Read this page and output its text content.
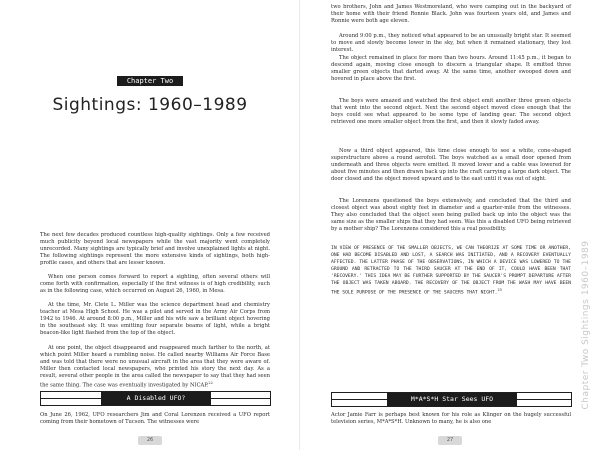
Chapter Two
Sightings: 1960–1989

The next few decades produced countless high-quality sightings. Only a few received much publicity beyond local newspapers while the vast majority went completely unrecorded. Many sightings are typically brief and involve unexplained lights at night. The following sightings represent the more extensive kinds of sightings, both high-profile cases, and others that are lesser known.

When one person comes forward to report a sighting, often several others will come forth with confirmation, especially if the first witness is of high credibility, such as in the following case, which occurred on August 26, 1960, in Mesa.

At the time, Mr. Clete L. Miller was the science department head and chemistry teacher at Mesa High School. He was a pilot and served in the Army Air Corps from 1942 to 1946. At around 8:00 p.m., Miller and his wife saw a brilliant object hovering in the southeast sky. It was emitting four separate beams of light, while a bright beacon-like light flashed from the top of the object.

At one point, the object disappeared and reappeared much farther to the north, at which point Miller heard a rumbling noise. He called nearby Williams Air Force Base and was told that there were no unusual aircraft in the area that they were aware of. Miller then contacted local newspapers, who printed his story the next day. As a result, several other people in the area called the newspaper to say that they had seen the same thing. The case was eventually investigated by NICAP.$^{22}$

A Disabled UFO?

On June 26, 1962, UFO researchers Jim and Coral Lorenzen received a UFO report coming from their hometown of Tucson. The witnesses were

26

two brothers, John and James Westmoreland, who were camping out in the backyard of their home with their friend Ronnie Black. John was fourteen years old, and James and Ronnie were both age eleven.

Around 9:00 p.m., they noticed what appeared to be an unusually bright star. It seemed to move and slowly become lower in the sky, but when it remained stationary, they lost interest.

The object remained in place for more than two hours. Around 11:45 p.m., it began to descend again, moving close enough to discern a triangular shape. It emitted three smaller green objects that darted away. At the same time, another swooped down and hovered in place above the first.

The boys were amazed and watched the first object emit another three green objects that went into the second object. Next the second object moved close enough that the boys could see what appeared to be some type of landing gear. The second object retrieved one more smaller object from the first, and then it slowly faded away.

Now a third object appeared, this time close enough to see a white, cone-shaped superstructure above a round aerofoil. The boys watched as a small door opened from underneath and three objects were emitted. It moved lower and a cable was lowered for about five minutes and then drawn back up into the craft carrying a large dark object. The door closed and the object moved upward and to the east until it was out of sight.

The Lorenzens questioned the boys extensively, and concluded that the third and closest object was about eighty feet in diameter and a quarter-mile from the witnesses. They also concluded that the object seen being pulled back up into the object was the same size as the smaller ships that they had seen. Was this a disabled UFO being retrieved by a mother ship? The Lorenzens considered this a real possibility.

IN VIEW OF PRESENCE OF THE SMALLER OBJECTS, WE CAN THEORIZE AT SOME TIME OR ANOTHER, ONE HAD BECOME DISABLED AND LOST, A SEARCH WAS INITIATED, AND A RECOVERY EVENTUALLY AFFECTED. THE LATTER PHASE OF THE OBSERVATIONS, IN WHICH A DEVICE WAS LOWERED TO THE GROUND AND RETRACTED TO THE THIRD SAUCER AT THE END OF IT, COULD HAVE BEEN THAT 'RECOVERY.' THIS IDEA MAY BE FURTHER SUPPORTED BY THE SAUCER'S PROMPT DEPARTURE AFTER THE OBJECT WAS TAKEN ABOARD. THE RECOVERY OF THE OBJECT FROM THE WASH MAY HAVE BEEN THE SOLE PURPOSE OF THE PRESENCE OF THE SAUCERS THAT NIGHT.$^{23}$

M*A*S*H Star Sees UFO

Actor Jamie Farr is perhaps best known for his role as Klinger on the hugely successful television series, M*A*S*H. Unknown to many, he is also one

27
Chapter Two Sightings 1960–1989
